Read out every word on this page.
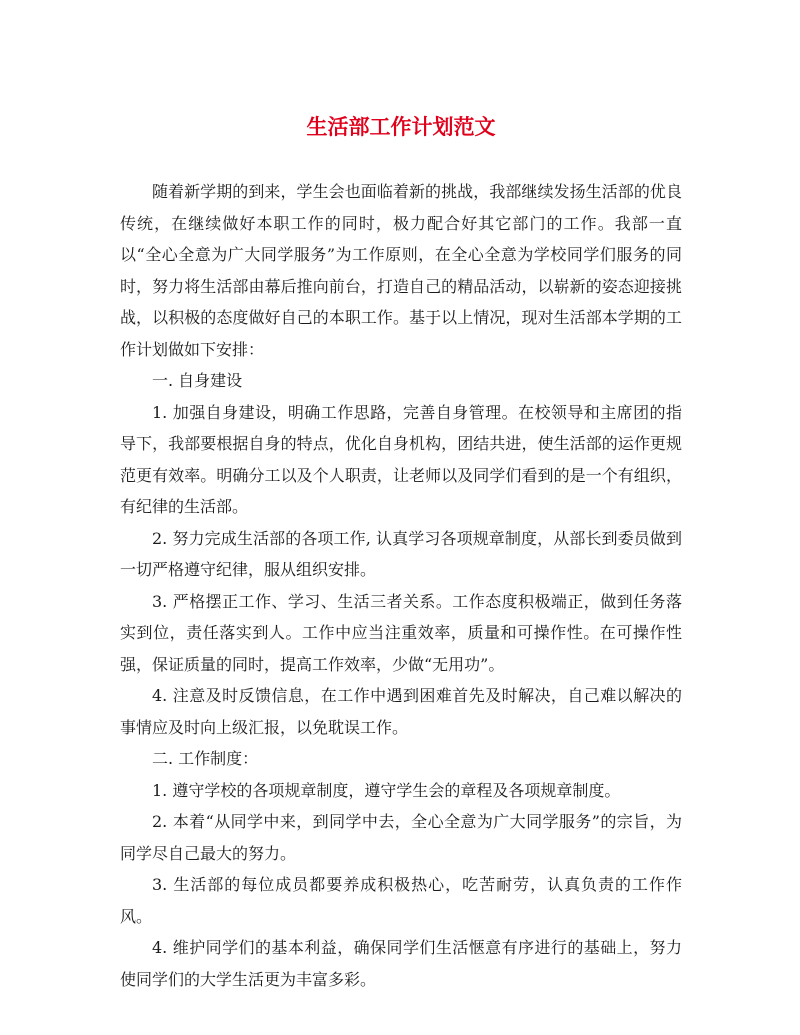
生活部工作计划范文

随着新学期的到来，学生会也面临着新的挑战，我部继续发扬生活部的优良传统，在继续做好本职工作的同时，极力配合好其它部门的工作。我部一直以“全心全意为广大同学服务”为工作原则，在全心全意为学校同学们服务的同时，努力将生活部由幕后推向前台，打造自己的精品活动，以崭新的姿态迎接挑战，以积极的态度做好自己的本职工作。基于以上情况，现对生活部本学期的工作计划做如下安排：

一. 自身建设

1. 加强自身建设，明确工作思路，完善自身管理。在校领导和主席团的指导下，我部要根据自身的特点，优化自身机构，团结共进，使生活部的运作更规范更有效率。明确分工以及个人职责，让老师以及同学们看到的是一个有组织，有纪律的生活部。

2. 努力完成生活部的各项工作, 认真学习各项规章制度，从部长到委员做到一切严格遵守纪律，服从组织安排。

3. 严格摆正工作、学习、生活三者关系。工作态度积极端正，做到任务落实到位，责任落实到人。工作中应当注重效率，质量和可操作性。在可操作性强，保证质量的同时，提高工作效率，少做“无用功”。

4. 注意及时反馈信息，在工作中遇到困难首先及时解决，自己难以解决的事情应及时向上级汇报，以免耽误工作。

二. 工作制度：

1. 遵守学校的各项规章制度，遵守学生会的章程及各项规章制度。

2. 本着“从同学中来，到同学中去，全心全意为广大同学服务”的宗旨，为同学尽自己最大的努力。

3. 生活部的每位成员都要养成积极热心，吃苦耐劳，认真负责的工作作风。

4. 维护同学们的基本利益，确保同学们生活惬意有序进行的基础上，努力使同学们的大学生活更为丰富多彩。
